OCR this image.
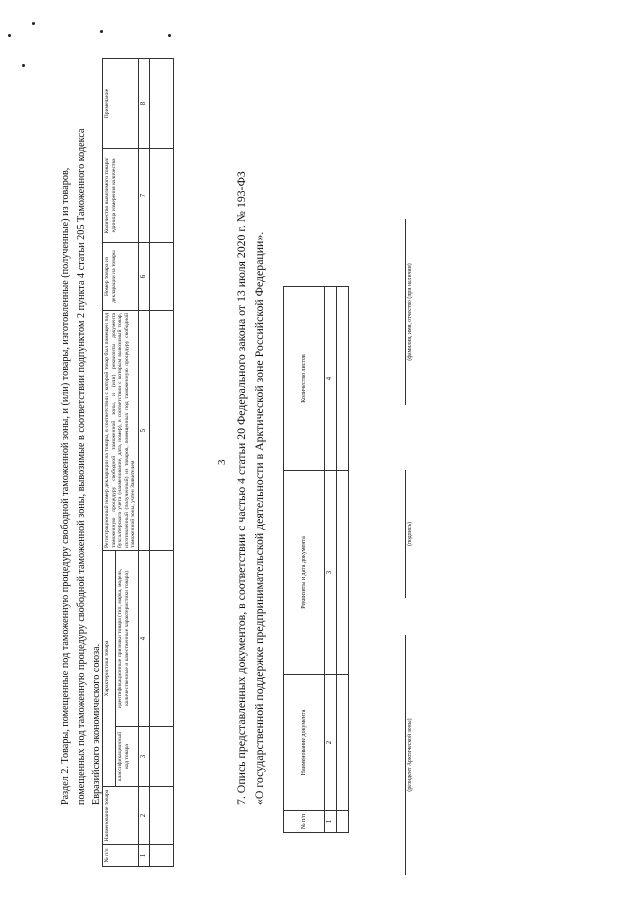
3
Раздел 2. Товары, помещенные под таможенную процедуру свободной таможенной зоны, и (или) товары, изготовленные (полученные) из товаров, помещенных под таможенную процедуру свободной таможенной зоны, вывозимые в соответствии подпунктом 2 пункта 4 статьи 205 Таможенного кодекса Евразийского экономического союза.
№ п/п	Наименование товара	Характеристики товара		Регистрационный номер декларации на товары, в соответствии с которой товар был помещен под таможенную процедуру свободной таможенной зоны, и (или) реквизиты документа бухгалтерского учета (наименование, дата, номер), в соответствии с которым вывозимый товар, изготовленный (полученный) из товаров, помещенных под таможенную процедуру свободной таможенной зоны, учтен Заявителем	Номер товара из декларации на товары	Количество вывозимого товара/единица измерения количества	Примечание
		классификационный код товара	идентификационные признаки товара (тип, марка, модель, количественные и качественные характеристики товара)				
1	2	3	4	5	6	7	8

7. Опись представленных документов, в соответствии с частью 4 статьи 20 Федерального закона от 13 июля 2020 г. № 193-ФЗ «О государственной поддержке предпринимательской деятельности в Арктической зоне Российской Федерации».
№ п/п	Наименование документа	Реквизиты и дата документа	Количество листов
1	2	3	4

(резидент Арктической зоны)
(подпись)
(фамилия, имя, отчество (при наличии)
